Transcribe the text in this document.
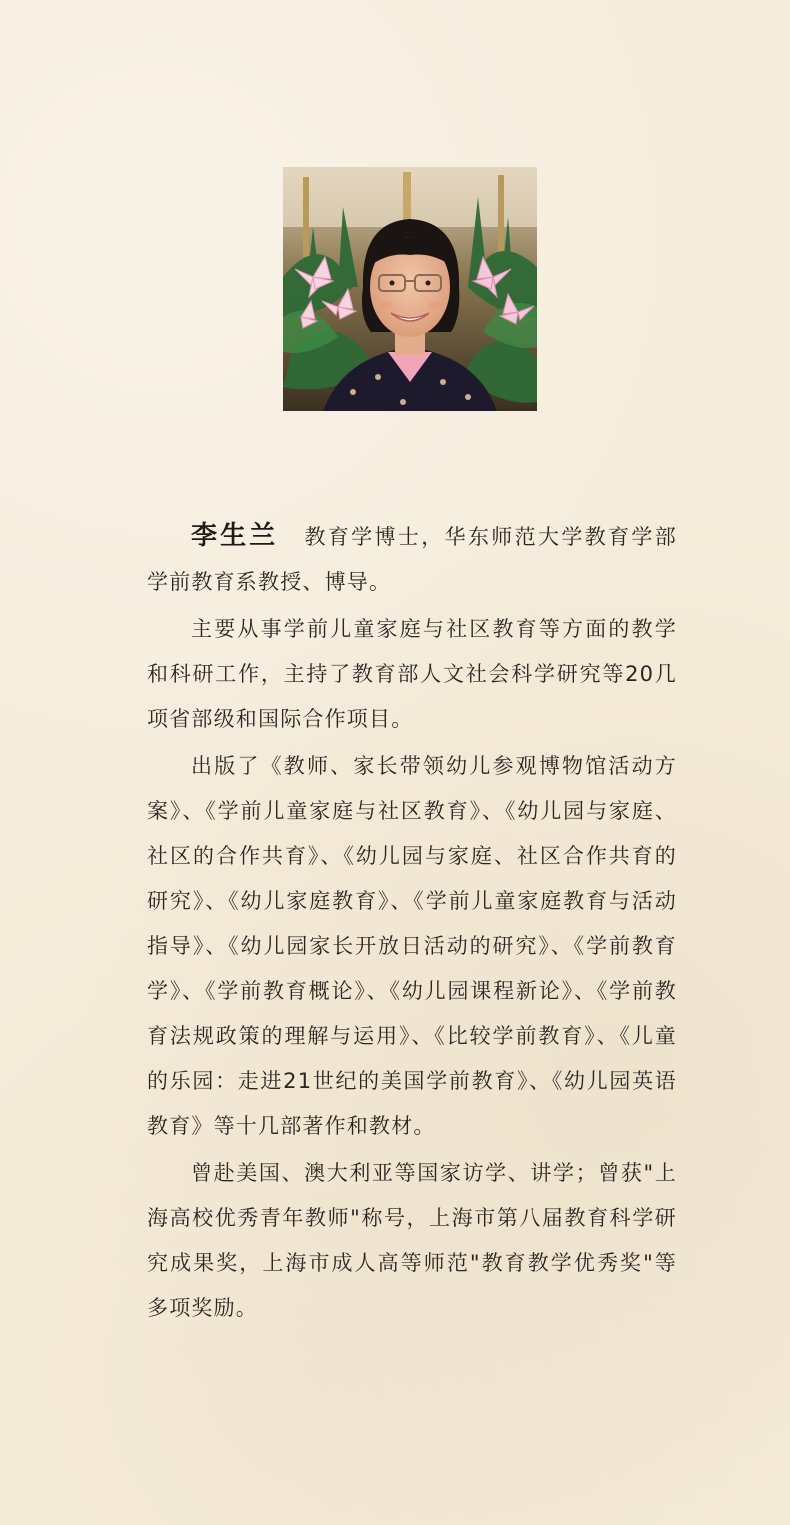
李生兰 教育学博士，华东师范大学教育学部学前教育系教授、博导。

主要从事学前儿童家庭与社区教育等方面的教学和科研工作，主持了教育部人文社会科学研究等20几项省部级和国际合作项目。

出版了《教师、家长带领幼儿参观博物馆活动方案》、《学前儿童家庭与社区教育》、《幼儿园与家庭、社区的合作共育》、《幼儿园与家庭、社区合作共育的研究》、《幼儿家庭教育》、《学前儿童家庭教育与活动指导》、《幼儿园家长开放日活动的研究》、《学前教育学》、《学前教育概论》、《幼儿园课程新论》、《学前教育法规政策的理解与运用》、《比较学前教育》、《儿童的乐园：走进21世纪的美国学前教育》、《幼儿园英语教育》等十几部著作和教材。

曾赴美国、澳大利亚等国家访学、讲学；曾获"上海高校优秀青年教师"称号，上海市第八届教育科学研究成果奖，上海市成人高等师范"教育教学优秀奖"等多项奖励。
